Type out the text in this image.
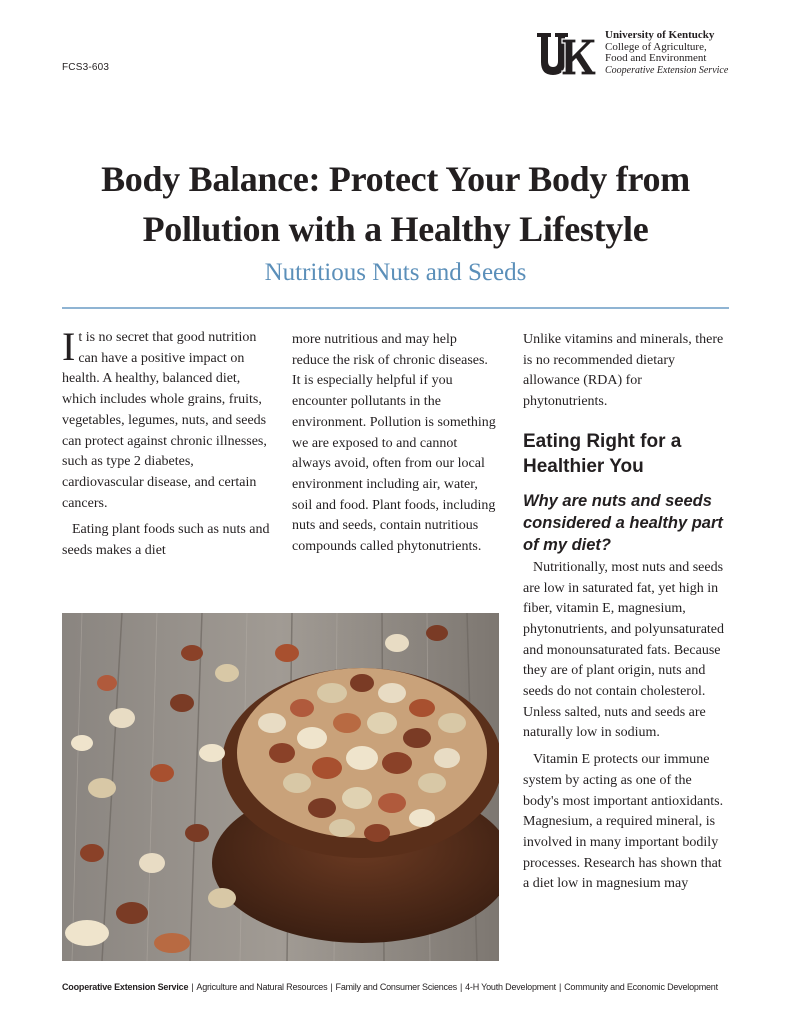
FCS3-603
University of Kentucky
College of Agriculture,
Food and Environment
Cooperative Extension Service
Body Balance: Protect Your Body from
Pollution with a Healthy Lifestyle
Nutritious Nuts and Seeds

It is no secret that good nutrition can have a positive impact on health. A healthy, balanced diet, which includes whole grains, fruits, vegetables, legumes, nuts, and seeds can protect against chronic illnesses, such as type 2 diabetes, cardiovascular disease, and certain cancers.

Eating plant foods such as nuts and seeds makes a diet

more nutritious and may help reduce the risk of chronic diseases. It is especially helpful if you encounter pollutants in the environment. Pollution is something we are exposed to and cannot always avoid, often from our local environment including air, water, soil and food. Plant foods, including nuts and seeds, contain nutritious compounds called phytonutrients.

Unlike vitamins and minerals, there is no recommended dietary allowance (RDA) for phytonutrients.

Eating Right for a Healthier You
Why are nuts and seeds considered a healthy part of my diet?

Nutritionally, most nuts and seeds are low in saturated fat, yet high in fiber, vitamin E, magnesium, phytonutrients, and polyunsaturated and monounsaturated fats. Because they are of plant origin, nuts and seeds do not contain cholesterol. Unless salted, nuts and seeds are naturally low in sodium.

Vitamin E protects our immune system by acting as one of the body's most important antioxidants. Magnesium, a required mineral, is involved in many important bodily processes. Research has shown that a diet low in magnesium may

Cooperative Extension Service | Agriculture and Natural Resources | Family and Consumer Sciences | 4-H Youth Development | Community and Economic Development
